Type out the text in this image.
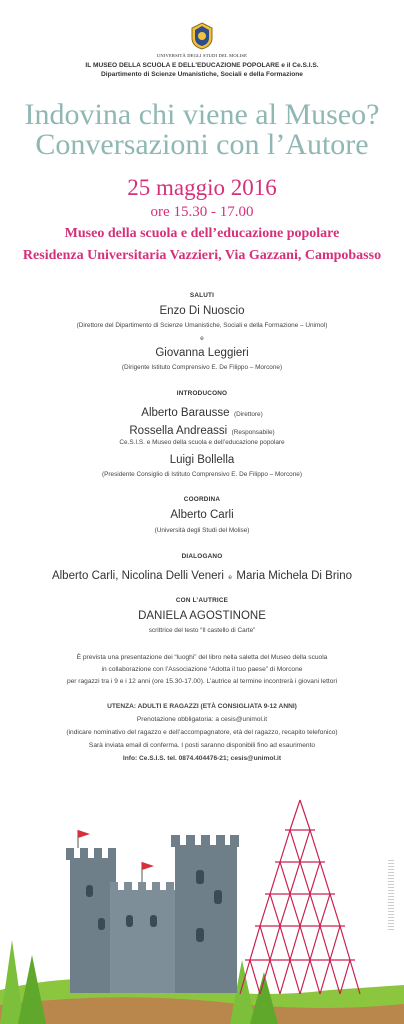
UNIVERSITÀ DEGLI STUDI DEL MOLISE
IL MUSEO DELLA SCUOLA E DELL'EDUCAZIONE POPOLARE e il Ce.S.I.S.
Dipartimento di Scienze Umanistiche, Sociali e della Formazione
Indovina chi viene al Museo?
Conversazioni con l’Autore
25 maggio 2016
ore 15.30 - 17.00
Museo della scuola e dell’educazione popolare
Residenza Universitaria Vazzieri, Via Gazzani, Campobasso
SALUTI
Enzo Di Nuoscio
(Direttore del Dipartimento di Scienze Umanistiche, Sociali e della Formazione – Unimol)
e
Giovanna Leggieri
(Dirigente Istituto Comprensivo E. De Filippo – Morcone)
INTRODUCONO
Alberto Barausse (Direttore)
Rossella Andreassi (Responsabile)
Ce.S.I.S. e Museo della scuola e dell’educazione popolare
Luigi Bollella
(Presidente Consiglio di Istituto Comprensivo E. De Filippo – Morcone)
COORDINA
Alberto Carli
(Università degli Studi del Molise)
DIALOGANO
Alberto Carli, Nicolina Delli Veneri e Maria Michela Di Brino
CON L’AUTRICE
DANIELA AGOSTINONE
scrittrice del testo “Il castello di Carte”
È prevista una presentazione dei “luoghi” del libro nella saletta del Museo della scuola
in collaborazione con l’Associazione “Adotta il tuo paese” di Morcone
per ragazzi tra i 9 e i 12 anni (ore 15.30-17.00). L’autrice al termine incontrerà i giovani lettori
UTENZA: ADULTI E RAGAZZI (ETÀ CONSIGLIATA 9-12 ANNI)
Prenotazione obbligatoria: a cesis@unimol.it
(indicare nominativo del ragazzo e dell’accompagnatore, età del ragazzo, recapito telefonico)
Sarà inviata email di conferma. I posti saranno disponibili fino ad esaurimento
Info: Ce.S.I.S. tel. 0874.404476-21; cesis@unimol.it
